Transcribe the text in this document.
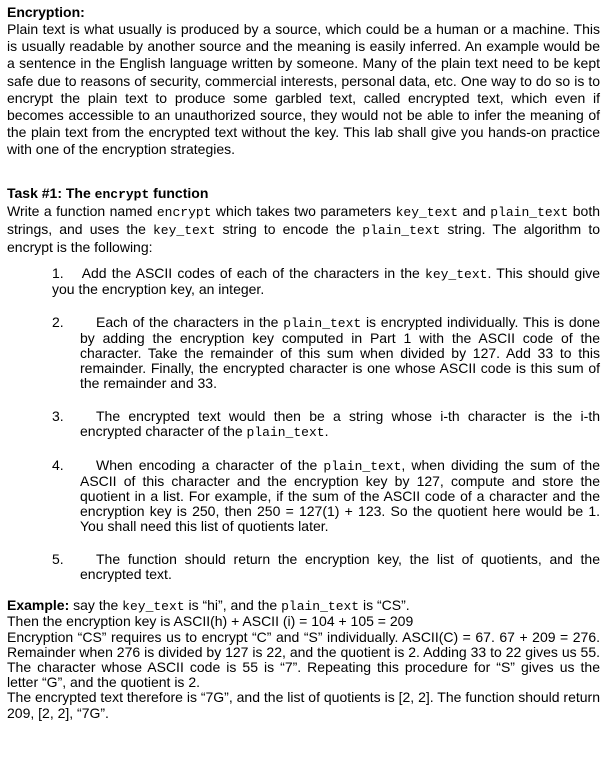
Encryption:
Plain text is what usually is produced by a source, which could be a human or a machine. This is usually readable by another source and the meaning is easily inferred. An example would be a sentence in the English language written by someone. Many of the plain text need to be kept safe due to reasons of security, commercial interests, personal data, etc. One way to do so is to encrypt the plain text to produce some garbled text, called encrypted text, which even if becomes accessible to an unauthorized source, they would not be able to infer the meaning of the plain text from the encrypted text without the key. This lab shall give you hands-on practice with one of the encryption strategies.
Task #1: The encrypt function
Write a function named encrypt which takes two parameters key_text and plain_text both strings, and uses the key_text string to encode the plain_text string. The algorithm to encrypt is the following:
1. Add the ASCII codes of each of the characters in the key_text. This should give you the encryption key, an integer.
2.	Each of the characters in the plain_text is encrypted individually. This is done by adding the encryption key computed in Part 1 with the ASCII code of the character. Take the remainder of this sum when divided by 127. Add 33 to this remainder. Finally, the encrypted character is one whose ASCII code is this sum of the remainder and 33.
3.	The encrypted text would then be a string whose i-th character is the i-th encrypted character of the plain_text.
4.	When encoding a character of the plain_text, when dividing the sum of the ASCII of this character and the encryption key by 127, compute and store the quotient in a list. For example, if the sum of the ASCII code of a character and the encryption key is 250, then 250 = 127(1) + 123. So the quotient here would be 1. You shall need this list of quotients later.
5.	The function should return the encryption key, the list of quotients, and the encrypted text.

Example: say the key_text is “hi”, and the plain_text is “CS”.

Then the encryption key is ASCII(h) + ASCII (i) = 104 + 105 = 209

Encryption “CS” requires us to encrypt “C” and “S” individually. ASCII(C) = 67. 67 + 209 = 276. Remainder when 276 is divided by 127 is 22, and the quotient is 2. Adding 33 to 22 gives us 55. The character whose ASCII code is 55 is “7”. Repeating this procedure for “S” gives us the letter “G”, and the quotient is 2.

The encrypted text therefore is “7G”, and the list of quotients is [2, 2]. The function should return 209, [2, 2], “7G”.
